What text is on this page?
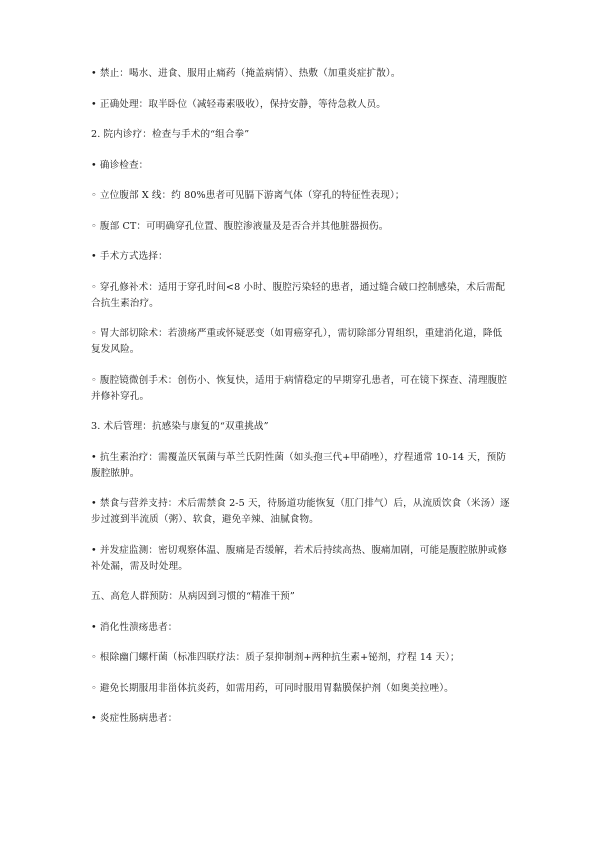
• 禁止：喝水、进食、服用止痛药（掩盖病情）、热敷（加重炎症扩散）。

• 正确处理：取半卧位（减轻毒素吸收），保持安静，等待急救人员。

2. 院内诊疗：检查与手术的“组合拳”

• 确诊检查：

◦ 立位腹部 X 线：约 80%患者可见膈下游离气体（穿孔的特征性表现）；

◦ 腹部 CT：可明确穿孔位置、腹腔渗液量及是否合并其他脏器损伤。

• 手术方式选择：

◦ 穿孔修补术：适用于穿孔时间<8 小时、腹腔污染轻的患者，通过缝合破口控制感染，术后需配合抗生素治疗。

◦ 胃大部切除术：若溃疡严重或怀疑恶变（如胃癌穿孔），需切除部分胃组织，重建消化道，降低复发风险。

◦ 腹腔镜微创手术：创伤小、恢复快，适用于病情稳定的早期穿孔患者，可在镜下探查、清理腹腔并修补穿孔。

3. 术后管理：抗感染与康复的“双重挑战”

• 抗生素治疗：需覆盖厌氧菌与革兰氏阴性菌（如头孢三代+甲硝唑），疗程通常 10-14 天，预防腹腔脓肿。

• 禁食与营养支持：术后需禁食 2-5 天，待肠道功能恢复（肛门排气）后，从流质饮食（米汤）逐步过渡到半流质（粥）、软食，避免辛辣、油腻食物。

• 并发症监测：密切观察体温、腹痛是否缓解，若术后持续高热、腹痛加剧，可能是腹腔脓肿或修补处漏，需及时处理。

五、高危人群预防：从病因到习惯的“精准干预”

• 消化性溃疡患者：

◦ 根除幽门螺杆菌（标准四联疗法：质子泵抑制剂+两种抗生素+铋剂，疗程 14 天）；

◦ 避免长期服用非甾体抗炎药，如需用药，可同时服用胃黏膜保护剂（如奥美拉唑）。

• 炎症性肠病患者：
